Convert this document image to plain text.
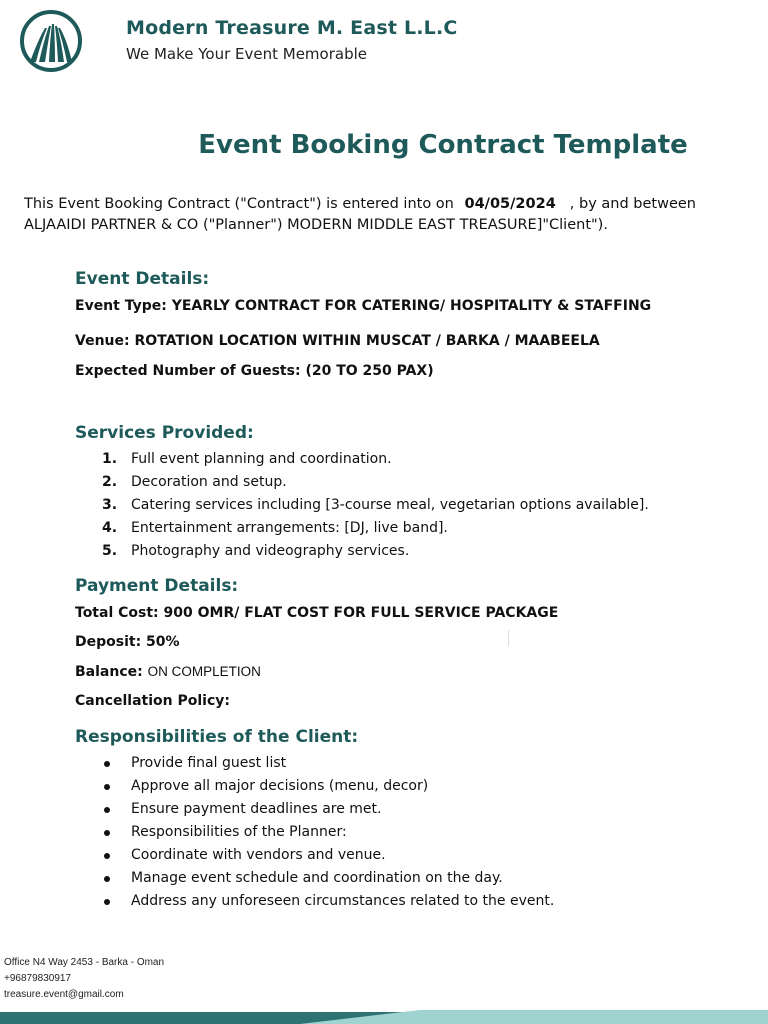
Modern Treasure M. East L.L.C
We Make Your Event Memorable
Event Booking Contract Template
This Event Booking Contract ("Contract") is entered into on 04/05/2024 , by and between
ALJAAIDI PARTNER & CO ￼("Planner") MODERN MIDDLE EAST TREASURE]￼"Client").
Event Details:
Event Type: YEARLY CONTRACT FOR CATERING/ HOSPITALITY & STAFFING
Venue: ROTATION LOCATION WITHIN MUSCAT / BARKA / MAABEELA
Expected Number of Guests: (20 TO 250 PAX)
Services Provided:
1. Full event planning and coordination.
2. Decoration and setup.
3. Catering services including [3-course meal, vegetarian options available].
4. Entertainment arrangements: [DJ, live band].
5. Photography and videography services.
Payment Details:
Total Cost: 900 OMR/ FLAT COST FOR FULL SERVICE PACKAGE
Deposit: 50%
Balance: ON COMPLETION
Cancellation Policy:
Responsibilities of the Client:
Provide final guest list
Approve all major decisions (menu, decor)
Ensure payment deadlines are met.
Responsibilities of the Planner:
Coordinate with vendors and venue.
Manage event schedule and coordination on the day.
Address any unforeseen circumstances related to the event.
Office N4 Way 2453 - Barka - Oman
+96879830917
treasure.event@gmail.com
